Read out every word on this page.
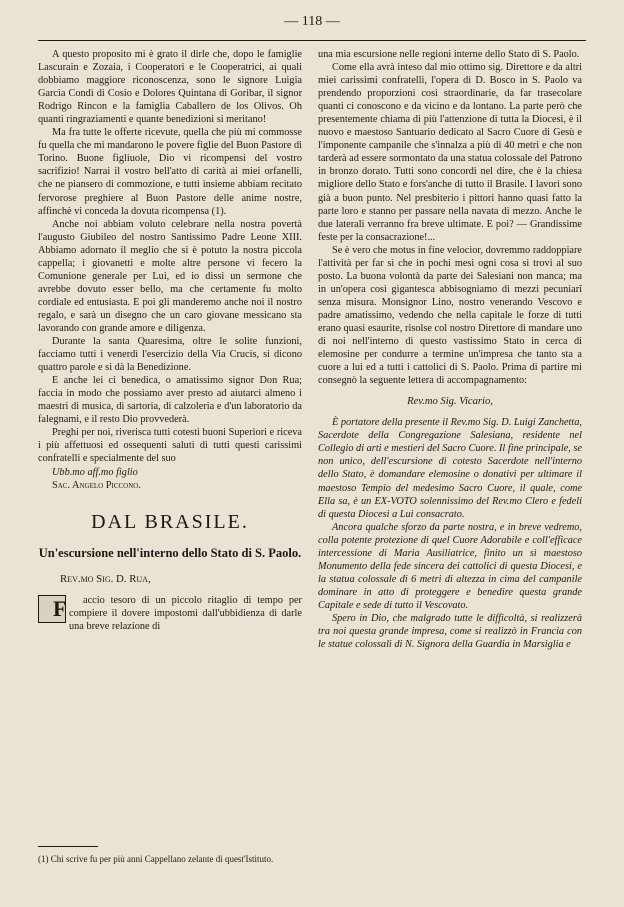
— 118 —

A questo proposito mi è grato il dirle che, dopo le famiglie Lascurain e Zozaia, i Cooperatori e le Cooperatrici, ai quali dobbiamo maggiore riconoscenza, sono le signore Luigia Garcìa Condì di Cosio e Dolores Quintana di Goribar, il signor Rodrigo Rincon e la famiglia Caballero de los Olivos. Oh quanti ringraziamenti e quante benedizioni si meritano!

Ma fra tutte le offerte ricevute, quella che più mi commosse fu quella che mi mandarono le povere figlie del Buon Pastore di Torino. Buone figliuole, Dio vi ricompensi del vostro sacrifizio! Narrai il vostro bell'atto di carità ai miei orfanelli, che ne piansero di commozione, e tutti insieme abbiam recitato fervorose preghiere al Buon Pastore delle anime nostre, affinchè vi conceda la dovuta ricompensa (1).

Anche noi abbiam voluto celebrare nella nostra povertà l'augusto Giubileo del nostro Santissimo Padre Leone XIII. Abbiamo adornato il meglio che si è potuto la nostra piccola cappella; i giovanetti e molte altre persone vi fecero la Comunione generale per Lui, ed io dissi un sermone che avrebbe dovuto esser bello, ma che certamente fu molto cordiale ed entusiasta. E poi gli manderemo anche noi il nostro regalo, e sarà un disegno che un caro giovane messicano sta lavorando con grande amore e diligenza.

Durante la santa Quaresima, oltre le solite funzioni, facciamo tutti i venerdì l'esercizio della Via Crucis, si dicono quattro parole e si dà la Benedizione.

E anche lei ci benedica, o amatissimo signor Don Rua; faccia in modo che possiamo aver presto ad aiutarci almeno i maestri di musica, di sartoria, di calzoleria e d'un laboratorio da falegnami, e il resto Dio provvederà.

Preghi per noi, riverisca tutti cotesti buoni Superiori e riceva i più affettuosi ed ossequenti saluti di tutti questi carissimi confratelli e specialmente del suo

Ubb.mo aff.mo figlio

Sac. Angelo Piccono.

DAL BRASILE.
Un'escursione nell'interno dello Stato di S. Paolo.
Rev.mo Sig. D. Rua,

F accio tesoro di un piccolo ritaglio di tempo per compiere il dovere impostomi dall'ubbidienza di darle una breve relazione di

(1) Chi scrive fu per più anni Cappellano zelante di quest'Istituto.

una mia escursione nelle regioni interne dello Stato di S. Paolo.

Come ella avrà inteso dal mio ottimo sig. Direttore e da altri miei carissimi confratelli, l'opera di D. Bosco in S. Paolo va prendendo proporzioni così straordinarie, da far trasecolare quanti ci conoscono e da vicino e da lontano. La parte però che presentemente chiama di più l'attenzione di tutta la Diocesi, è il nuovo e maestoso Santuario dedicato al Sacro Cuore di Gesù e l'imponente campanile che s'innalza a più di 40 metri e che non tarderà ad essere sormontato da una statua colossale del Patrono in bronzo dorato. Tutti sono concordi nel dire, che è la chiesa migliore dello Stato e fors'anche di tutto il Brasile. I lavori sono già a buon punto. Nel presbiterio i pittori hanno quasi fatto la parte loro e stanno per passare nella navata di mezzo. Anche le due laterali verranno fra breve ultimate. E poi? — Grandissime feste per la consacrazione!...

Se è vero che motus in fine velocior, dovremmo raddoppiare l'attività per far sì che in pochi mesi ogni cosa si trovi al suo posto. La buona volontà da parte dei Salesiani non manca; ma in un'opera così gigantesca abbisogniamo di mezzi pecuniarî senza misura. Monsignor Lino, nostro venerando Vescovo e padre amatissimo, vedendo che nella capitale le forze di tutti erano quasi esaurite, risolse col nostro Direttore di mandare uno di noi nell'interno di questo vastissimo Stato in cerca di elemosine per condurre a termine un'impresa che tanto sta a cuore a lui ed a tutti i cattolici di S. Paolo. Prima di partire mi consegnò la seguente lettera di accompagnamento:

Rev.mo Sig. Vicario,

È portatore della presente il Rev.mo Sig. D. Luigi Zanchetta, Sacerdote della Congregazione Salesiana, residente nel Collegio di arti e mestieri del Sacro Cuore. Il fine principale, se non unico, dell'escursione di cotesto Sacerdote nell'interno dello Stato, è domandare elemosine o donativi per ultimare il maestoso Tempio del medesimo Sacro Cuore, il quale, come Ella sa, è un EX-VOTO solennissimo del Rev.mo Clero e fedeli di questa Diocesi a Lui consacrato.

Ancora qualche sforzo da parte nostra, e in breve vedremo, colla potente protezione di quel Cuore Adorabile e coll'efficace intercessione di Maria Ausiliatrice, finito un sì maestoso Monumento della fede sincera dei cattolici di questa Diocesi, e la statua colossale di 6 metri di altezza in cima del campanile dominare in atto di proteggere e benedire questa grande Capitale e sede di tutto il Vescovato.

Spero in Dio, che malgrado tutte le difficoltà, si realizzerà tra noi questa grande impresa, come si realizzò in Francia con le statue colossali di N. Signora della Guardia in Marsiglia e
